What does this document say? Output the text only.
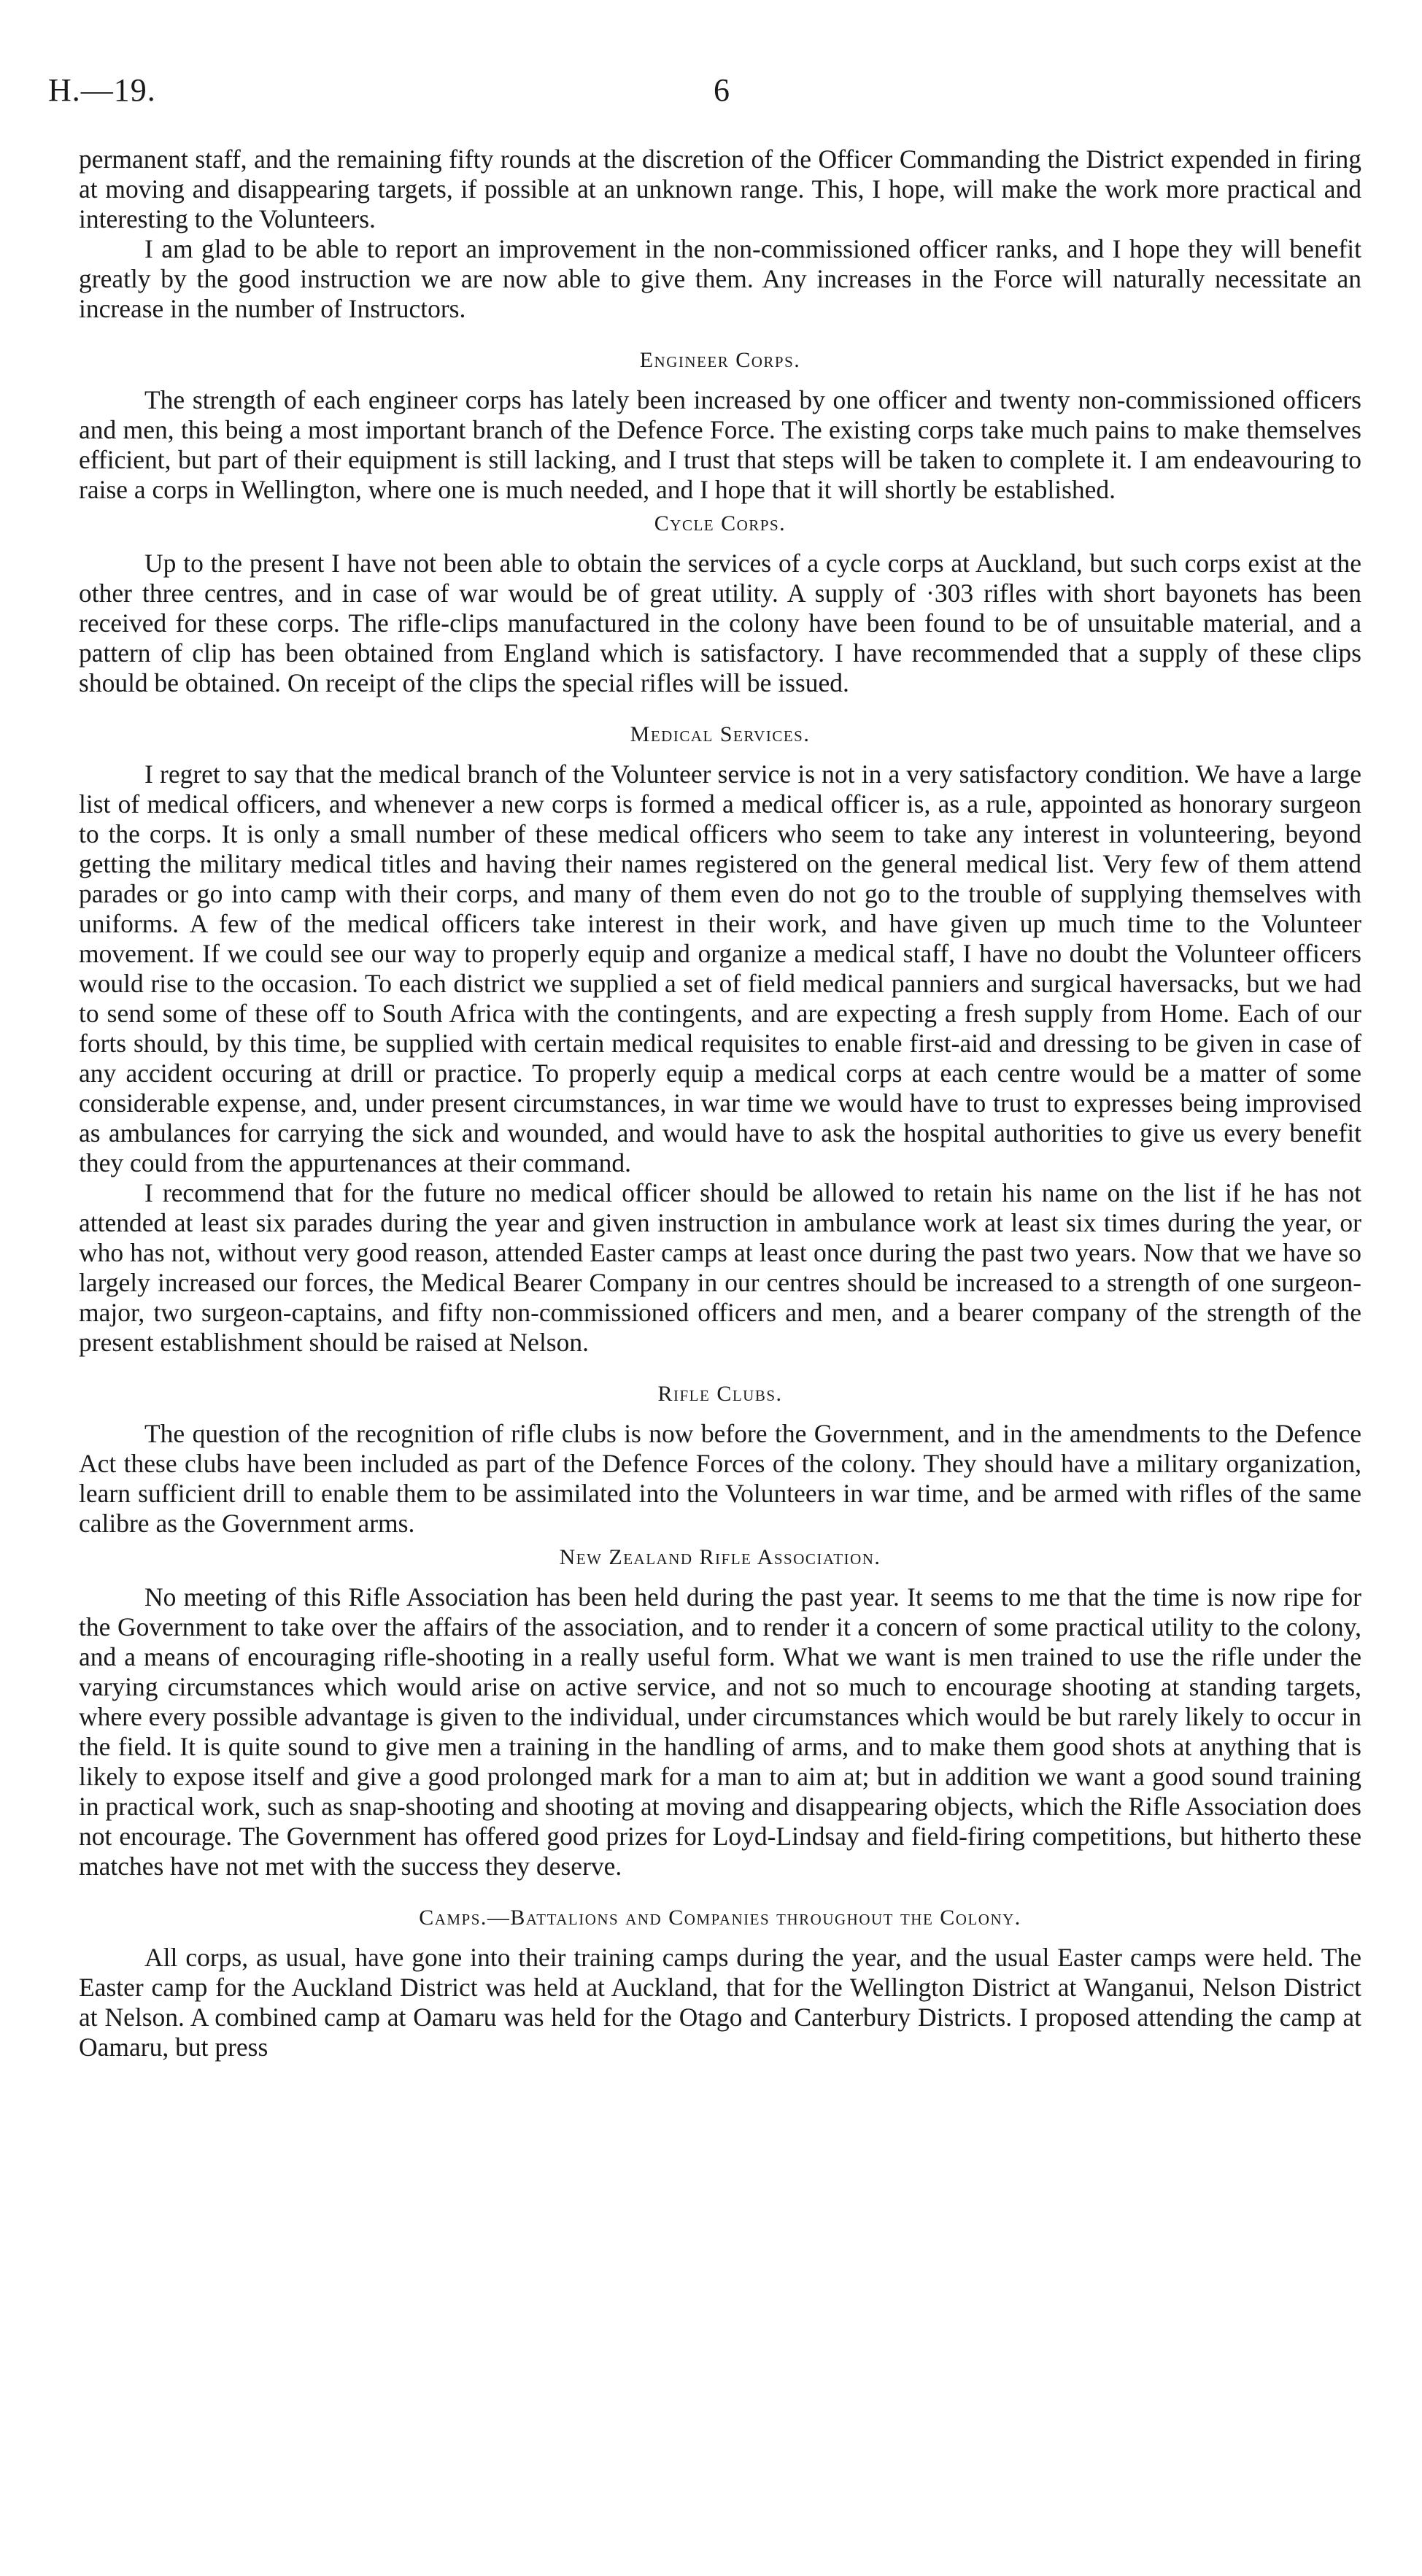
H.—19.	6

permanent staff, and the remaining fifty rounds at the discretion of the Officer Commanding the District expended in firing at moving and disappearing targets, if possible at an unknown range. This, I hope, will make the work more practical and interesting to the Volunteers.

I am glad to be able to report an improvement in the non-commissioned officer ranks, and I hope they will benefit greatly by the good instruction we are now able to give them. Any increases in the Force will naturally necessitate an increase in the number of Instructors.

Engineer Corps.

The strength of each engineer corps has lately been increased by one officer and twenty non-commissioned officers and men, this being a most important branch of the Defence Force. The existing corps take much pains to make themselves efficient, but part of their equipment is still lacking, and I trust that steps will be taken to complete it. I am endeavouring to raise a corps in Wellington, where one is much needed, and I hope that it will shortly be established.

Cycle Corps.

Up to the present I have not been able to obtain the services of a cycle corps at Auckland, but such corps exist at the other three centres, and in case of war would be of great utility. A supply of ·303 rifles with short bayonets has been received for these corps. The rifle-clips manufactured in the colony have been found to be of unsuitable material, and a pattern of clip has been obtained from England which is satisfactory. I have recommended that a supply of these clips should be obtained. On receipt of the clips the special rifles will be issued.

Medical Services.

I regret to say that the medical branch of the Volunteer service is not in a very satisfactory condition. We have a large list of medical officers, and whenever a new corps is formed a medical officer is, as a rule, appointed as honorary surgeon to the corps. It is only a small number of these medical officers who seem to take any interest in volunteering, beyond getting the military medical titles and having their names registered on the general medical list. Very few of them attend parades or go into camp with their corps, and many of them even do not go to the trouble of supplying themselves with uniforms. A few of the medical officers take interest in their work, and have given up much time to the Volunteer movement. If we could see our way to properly equip and organize a medical staff, I have no doubt the Volunteer officers would rise to the occasion. To each district we supplied a set of field medical panniers and surgical haversacks, but we had to send some of these off to South Africa with the contingents, and are expecting a fresh supply from Home. Each of our forts should, by this time, be supplied with certain medical requisites to enable first-aid and dressing to be given in case of any accident occuring at drill or practice. To properly equip a medical corps at each centre would be a matter of some considerable expense, and, under present circumstances, in war time we would have to trust to expresses being improvised as ambulances for carrying the sick and wounded, and would have to ask the hospital authorities to give us every benefit they could from the appurtenances at their command.

I recommend that for the future no medical officer should be allowed to retain his name on the list if he has not attended at least six parades during the year and given instruction in ambulance work at least six times during the year, or who has not, without very good reason, attended Easter camps at least once during the past two years. Now that we have so largely increased our forces, the Medical Bearer Company in our centres should be increased to a strength of one surgeon-major, two surgeon-captains, and fifty non-commissioned officers and men, and a bearer company of the strength of the present establishment should be raised at Nelson.

Rifle Clubs.

The question of the recognition of rifle clubs is now before the Government, and in the amendments to the Defence Act these clubs have been included as part of the Defence Forces of the colony. They should have a military organization, learn sufficient drill to enable them to be assimilated into the Volunteers in war time, and be armed with rifles of the same calibre as the Government arms.

New Zealand Rifle Association.

No meeting of this Rifle Association has been held during the past year. It seems to me that the time is now ripe for the Government to take over the affairs of the association, and to render it a concern of some practical utility to the colony, and a means of encouraging rifle-shooting in a really useful form. What we want is men trained to use the rifle under the varying circumstances which would arise on active service, and not so much to encourage shooting at standing targets, where every possible advantage is given to the individual, under circumstances which would be but rarely likely to occur in the field. It is quite sound to give men a training in the handling of arms, and to make them good shots at anything that is likely to expose itself and give a good prolonged mark for a man to aim at; but in addition we want a good sound training in practical work, such as snap-shooting and shooting at moving and disappearing objects, which the Rifle Association does not encourage. The Government has offered good prizes for Loyd-Lindsay and field-firing competitions, but hitherto these matches have not met with the success they deserve.

Camps.—Battalions and Companies throughout the Colony.

All corps, as usual, have gone into their training camps during the year, and the usual Easter camps were held. The Easter camp for the Auckland District was held at Auckland, that for the Wellington District at Wanganui, Nelson District at Nelson. A combined camp at Oamaru was held for the Otago and Canterbury Districts. I proposed attending the camp at Oamaru, but press
